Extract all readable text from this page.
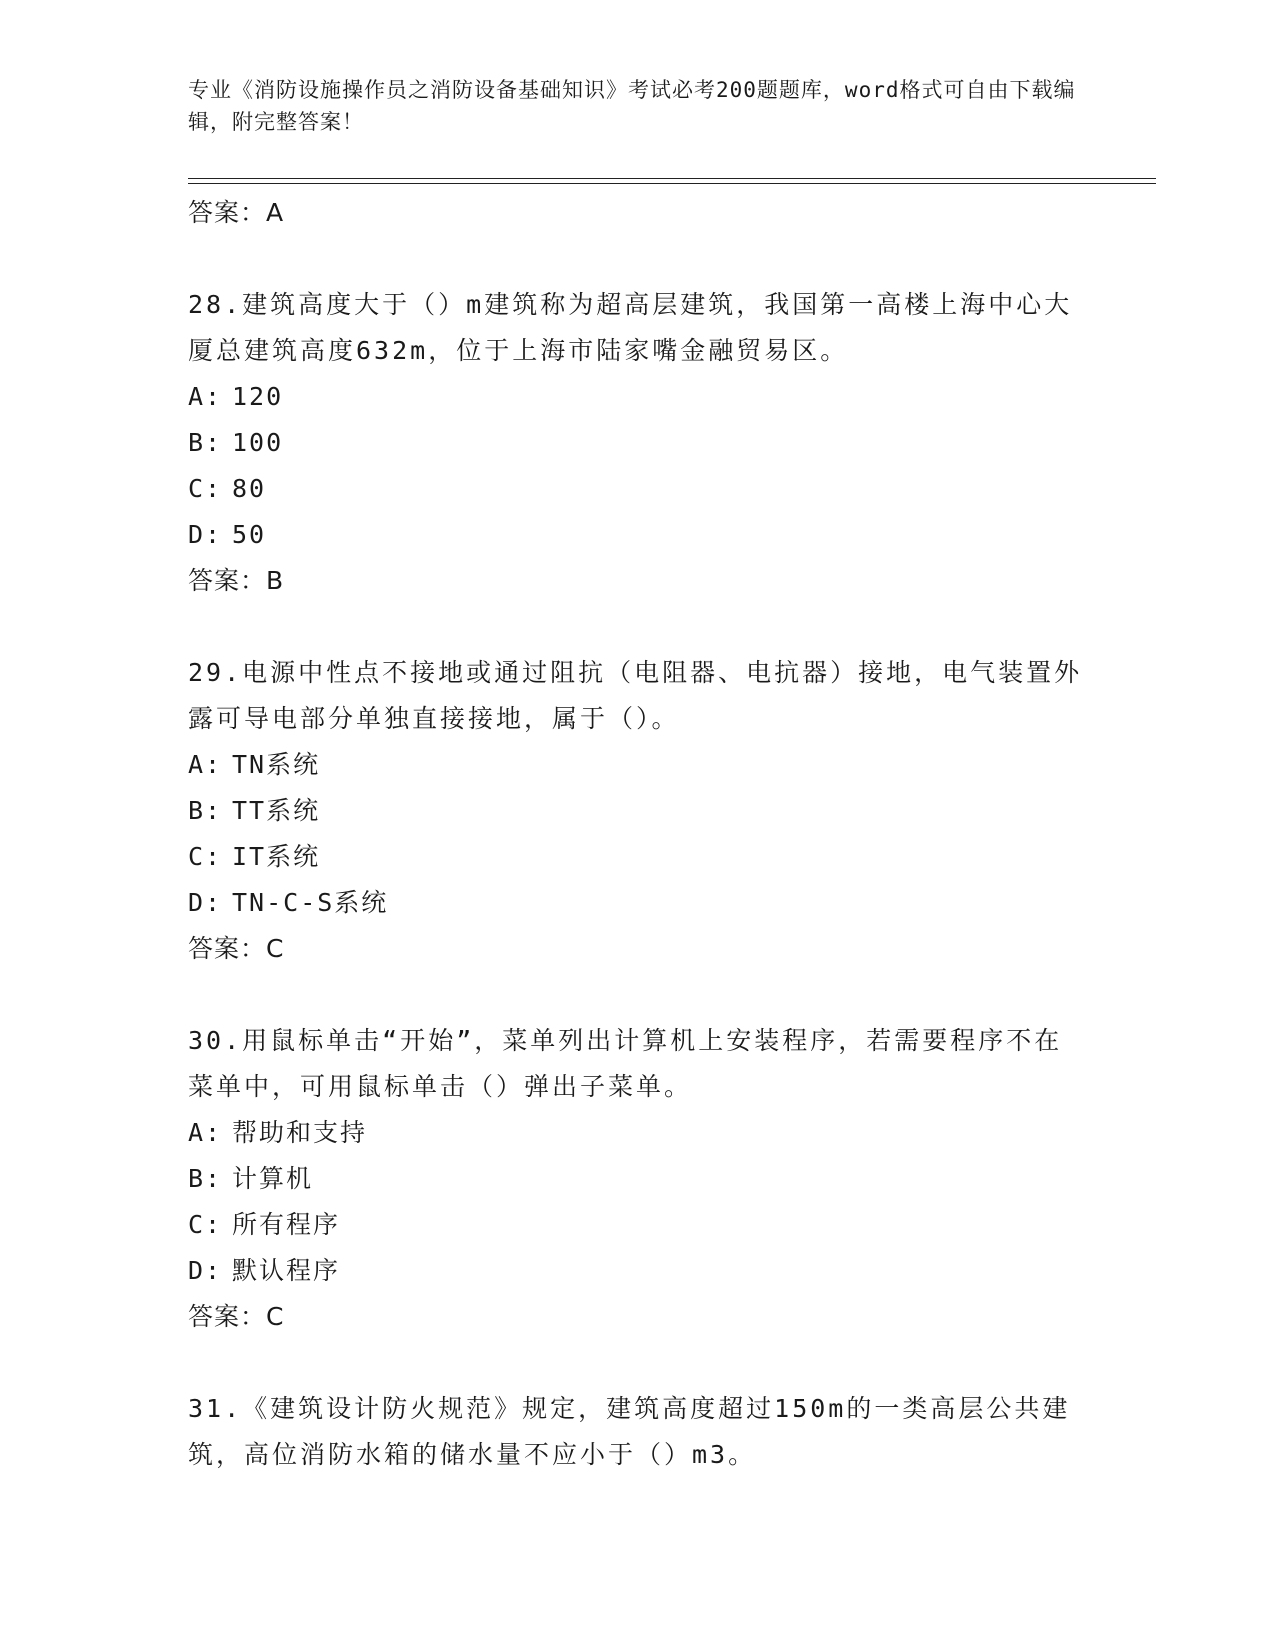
专业《消防设施操作员之消防设备基础知识》考试必考200题题库，word格式可自由下载编辑，附完整答案！
答案：A

28.建筑高度大于（）m建筑称为超高层建筑，我国第一高楼上海中心大厦总建筑高度632m，位于上海市陆家嘴金融贸易区。

A: 120
B: 100
C: 80
D: 50
答案：B

29.电源中性点不接地或通过阻抗（电阻器、电抗器）接地，电气装置外露可导电部分单独直接接地，属于（）。

A: TN系统
B: TT系统
C: IT系统
D: TN-C-S系统
答案：C

30.用鼠标单击“开始”，菜单列出计算机上安装程序，若需要程序不在菜单中，可用鼠标单击（）弹出子菜单。

A: 帮助和支持
B: 计算机
C: 所有程序
D: 默认程序
答案：C

31.《建筑设计防火规范》规定，建筑高度超过150m的一类高层公共建筑，高位消防水箱的储水量不应小于（）m3。
